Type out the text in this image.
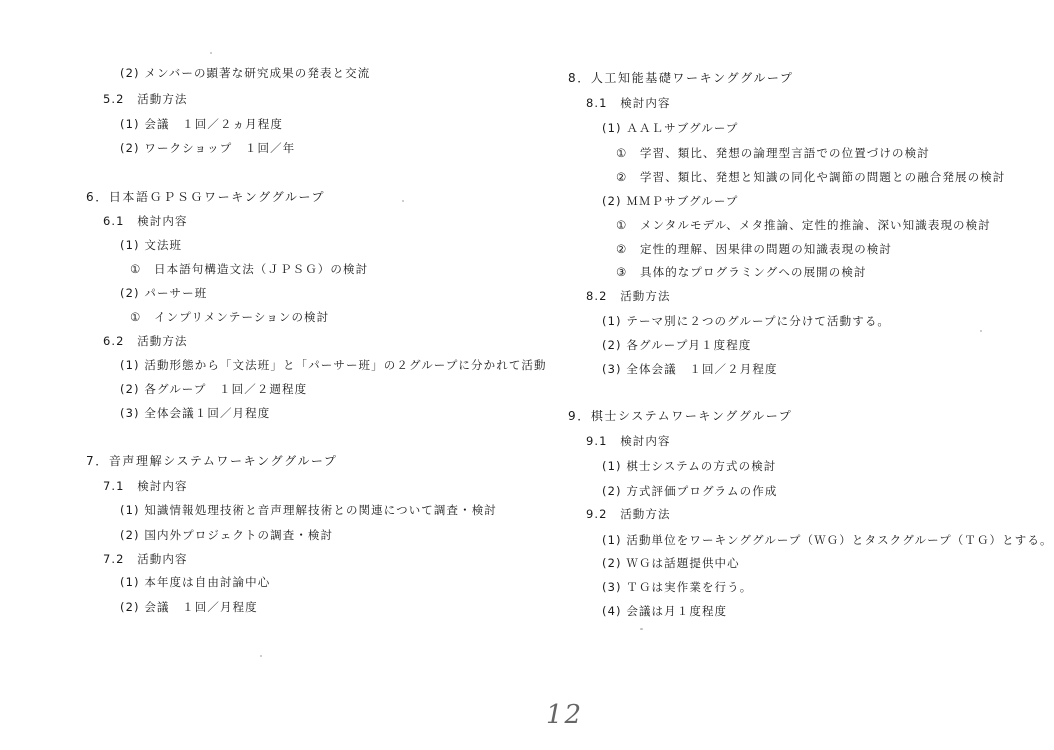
(2) メンバーの顕著な研究成果の発表と交流
5.2　活動方法
(1) 会議　１回／２ヵ月程度
(2) ワークショップ　１回／年
6．日本語ＧＰＳＧワーキンググループ
6.1　検討内容
(1) 文法班
①　日本語句構造文法（ＪＰＳＧ）の検討
(2) パーサー班
①　インプリメンテーションの検討
6.2　活動方法
(1) 活動形態から「文法班」と「パーサー班」の２グループに分かれて活動
(2) 各グループ　１回／２週程度
(3) 全体会議１回／月程度
7．音声理解システムワーキンググループ
7.1　検討内容
(1) 知識情報処理技術と音声理解技術との関連について調査・検討
(2) 国内外プロジェクトの調査・検討
7.2　活動内容
(1) 本年度は自由討論中心
(2) 会議　１回／月程度
8．人工知能基礎ワーキンググループ
8.1　検討内容
(1) ＡＡＬサブグループ
①　学習、類比、発想の論理型言語での位置づけの検討
②　学習、類比、発想と知識の同化や調節の問題との融合発展の検討
(2) ＭＭＰサブグループ
①　メンタルモデル、メタ推論、定性的推論、深い知識表現の検討
②　定性的理解、因果律の問題の知識表現の検討
③　具体的なプログラミングへの展開の検討
8.2　活動方法
(1) テーマ別に２つのグループに分けて活動する。
(2) 各グループ月１度程度
(3) 全体会議　１回／２月程度
9．棋士システムワーキンググループ
9.1　検討内容
(1) 棋士システムの方式の検討
(2) 方式評価プログラムの作成
9.2　活動方法
(1) 活動単位をワーキンググループ（ＷＧ）とタスクグループ（ＴＧ）とする。
(2) ＷＧは話題提供中心
(3) ＴＧは実作業を行う。
(4) 会議は月１度程度
12
